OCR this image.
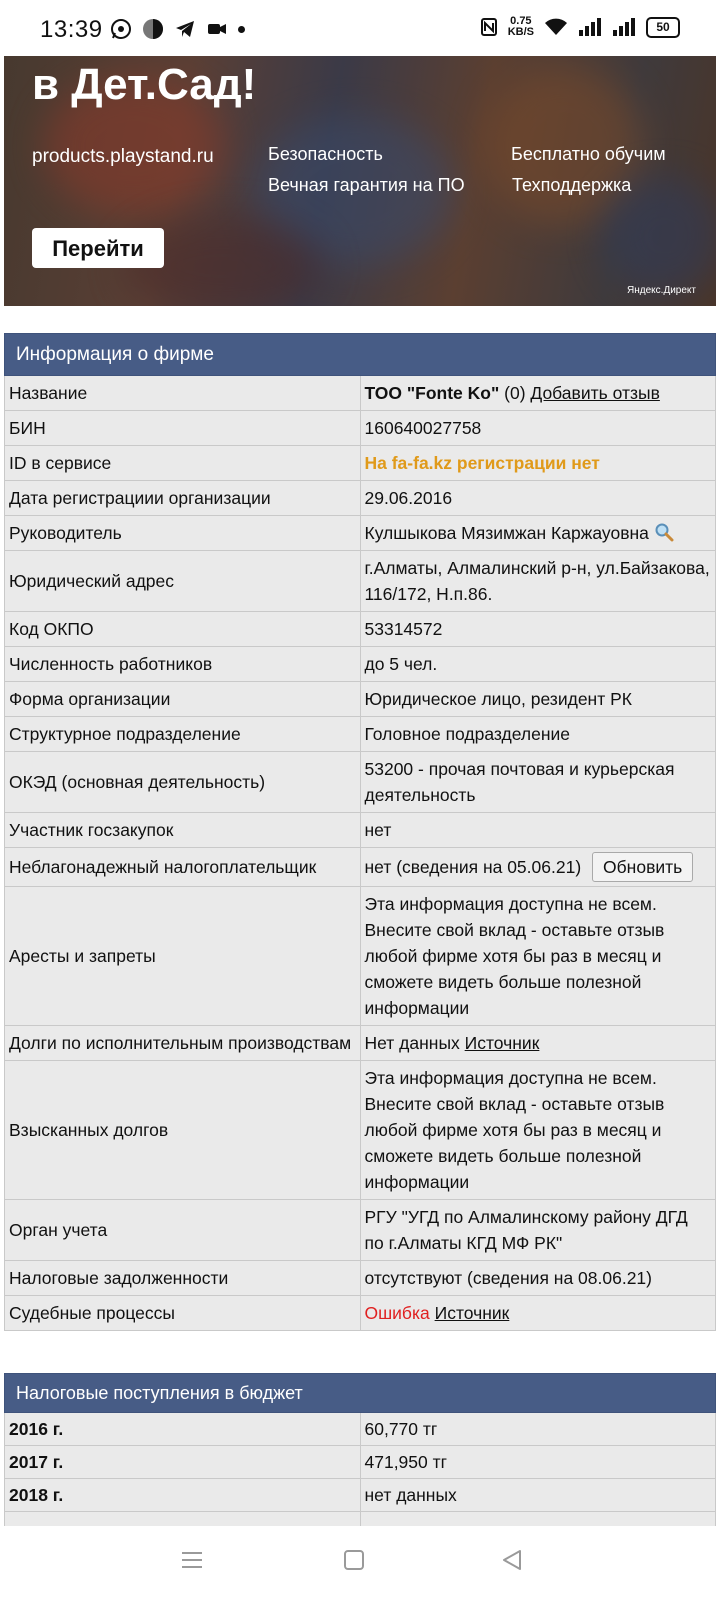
13:39	0.75
KB/S	50
в Дет.Сад!
products.playstand.ru	Безопасность	Бесплатно обучим
Вечная гарантия на ПО	Техподдержка
Перейти
Яндекс.Директ
Информация о фирме	

Название	ТОО "Fonte Ko" (0) Добавить отзыв
БИН	160640027758
ID в сервисе	На fa-fa.kz регистрации нет
Дата регистрациии организации	29.06.2016
Руководитель	Кулшыкова Мязимжан Каржауовна
Юридический адрес	г.Алматы, Алмалинский р-н, ул.Байзакова, 116/172, Н.п.86.
Код ОКПО	53314572
Численность работников	до 5 чел.
Форма организации	Юридическое лицо, резидент РК
Структурное подразделение	Головное подразделение
ОКЭД (основная деятельность)	53200 - прочая почтовая и курьерская деятельность
Участник госзакупок	нет
Неблагонадежный налогоплательщик	нет (сведения на 05.06.21) Обновить
Аресты и запреты	Эта информация доступна не всем.
Внесите свой вклад - оставьте отзыв любой фирме хотя бы раз в месяц и сможете видеть больше полезной информации

Долги по исполнительным производствам	Нет данных Источник
Взысканных долгов	Эта информация доступна не всем.
Внесите свой вклад - оставьте отзыв любой фирме хотя бы раз в месяц и сможете видеть больше полезной информации

Орган учета	РГУ "УГД по Алмалинскому району ДГД по г.Алматы КГД МФ РК"
Налоговые задолженности	отсутствуют (сведения на 08.06.21)
Судебные процессы	Ошибка Источник
Налоговые поступления в бюджет	

2016 г.	60,770 тг
2017 г.	471,950 тг
2018 г.	нет данных
